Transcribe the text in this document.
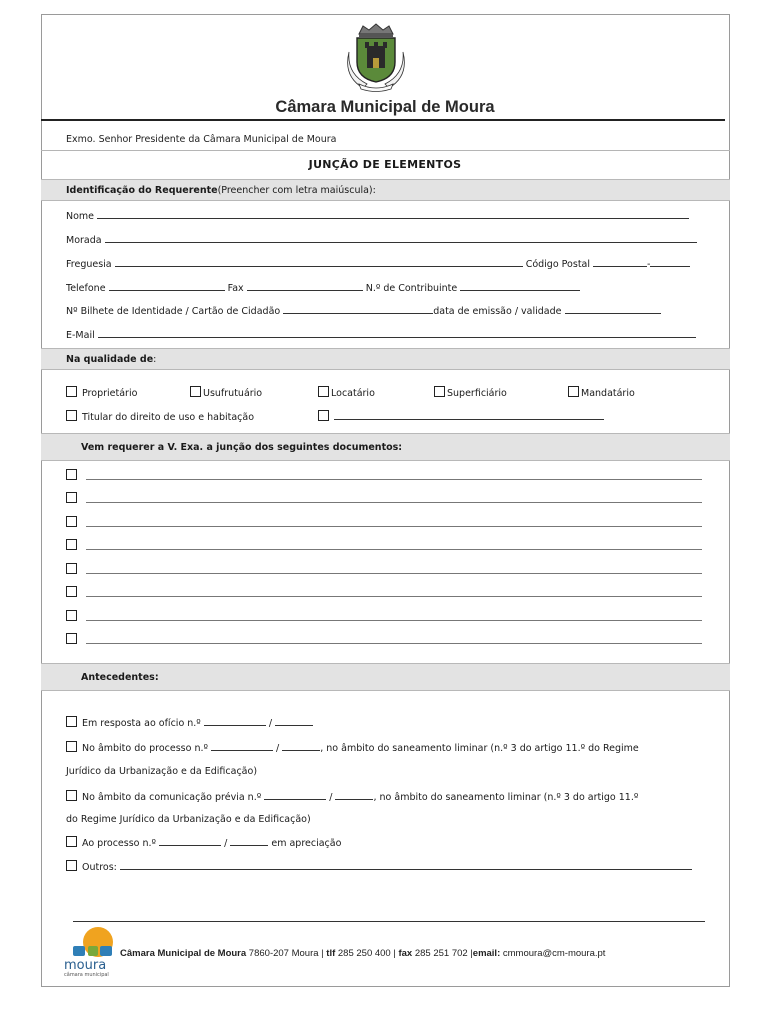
Câmara Municipal de Moura
Exmo. Senhor Presidente da Câmara Municipal de Moura
JUNÇÃO DE ELEMENTOS
Identificação do Requerente (Preencher com letra maiúscula):
Nome
Morada
Freguesia	Código Postal	-
Telefone	Fax	N.º de Contribuinte
Nº Bilhete de Identidade / Cartão de Cidadão	data de emissão / validade
E-Mail
Na qualidade de :
Proprietário	Usufrutuário	Locatário	Superficiário	Mandatário
Titular do direito de uso e habitação
Vem requerer a V. Exa. a junção dos seguintes documentos:
Antecedentes:
Em resposta ao ofício n.º	/
No âmbito do processo n.º	/	, no âmbito do saneamento liminar (n.º 3 do artigo 11.º do Regime
Jurídico da Urbanização e da Edificação)
No âmbito da comunicação prévia n.º	/	, no âmbito do saneamento liminar (n.º 3 do artigo 11.º
do Regime Jurídico da Urbanização e da Edificação)
Ao processo n.º	/	em apreciação
Outros:
moura
câmara municipal
Câmara Municipal de Moura 7860-207 Moura | tlf 285 250 400 | fax 285 251 702 |email: cmmoura@cm-moura.pt
